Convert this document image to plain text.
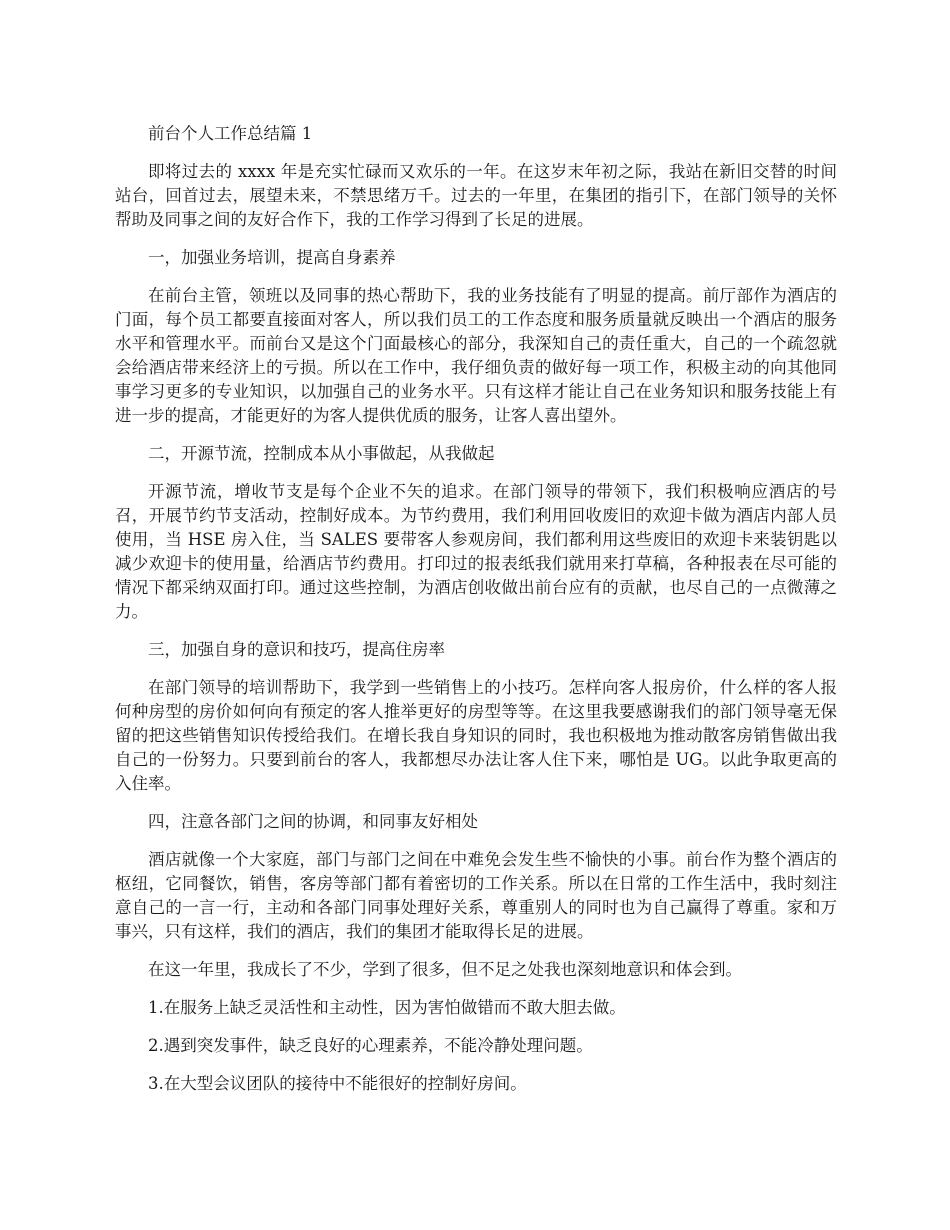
前台个人工作总结篇 1

即将过去的 xxxx 年是充实忙碌而又欢乐的一年。在这岁末年初之际，我站在新旧交替的时间站台，回首过去，展望未来，不禁思绪万千。过去的一年里，在集团的指引下，在部门领导的关怀帮助及同事之间的友好合作下，我的工作学习得到了长足的进展。

一，加强业务培训，提高自身素养

在前台主管，领班以及同事的热心帮助下，我的业务技能有了明显的提高。前厅部作为酒店的门面，每个员工都要直接面对客人，所以我们员工的工作态度和服务质量就反映出一个酒店的服务水平和管理水平。而前台又是这个门面最核心的部分，我深知自己的责任重大，自己的一个疏忽就会给酒店带来经济上的亏损。所以在工作中，我仔细负责的做好每一项工作，积极主动的向其他同事学习更多的专业知识，以加强自己的业务水平。只有这样才能让自己在业务知识和服务技能上有进一步的提高，才能更好的为客人提供优质的服务，让客人喜出望外。

二，开源节流，控制成本从小事做起，从我做起

开源节流，增收节支是每个企业不矢的追求。在部门领导的带领下，我们积极响应酒店的号召，开展节约节支活动，控制好成本。为节约费用，我们利用回收废旧的欢迎卡做为酒店内部人员使用，当 HSE 房入住，当 SALES 要带客人参观房间，我们都利用这些废旧的欢迎卡来装钥匙以减少欢迎卡的使用量，给酒店节约费用。打印过的报表纸我们就用来打草稿，各种报表在尽可能的情况下都采纳双面打印。通过这些控制，为酒店创收做出前台应有的贡献，也尽自己的一点微薄之力。

三，加强自身的意识和技巧，提高住房率

在部门领导的培训帮助下，我学到一些销售上的小技巧。怎样向客人报房价，什么样的客人报何种房型的房价如何向有预定的客人推举更好的房型等等。在这里我要感谢我们的部门领导毫无保留的把这些销售知识传授给我们。在增长我自身知识的同时，我也积极地为推动散客房销售做出我自己的一份努力。只要到前台的客人，我都想尽办法让客人住下来，哪怕是 UG。以此争取更高的入住率。

四，注意各部门之间的协调，和同事友好相处

酒店就像一个大家庭，部门与部门之间在中难免会发生些不愉快的小事。前台作为整个酒店的枢纽，它同餐饮，销售，客房等部门都有着密切的工作关系。所以在日常的工作生活中，我时刻注意自己的一言一行，主动和各部门同事处理好关系，尊重别人的同时也为自己赢得了尊重。家和万事兴，只有这样，我们的酒店，我们的集团才能取得长足的进展。

在这一年里，我成长了不少，学到了很多，但不足之处我也深刻地意识和体会到。

1.在服务上缺乏灵活性和主动性，因为害怕做错而不敢大胆去做。

2.遇到突发事件，缺乏良好的心理素养，不能冷静处理问题。

3.在大型会议团队的接待中不能很好的控制好房间。
